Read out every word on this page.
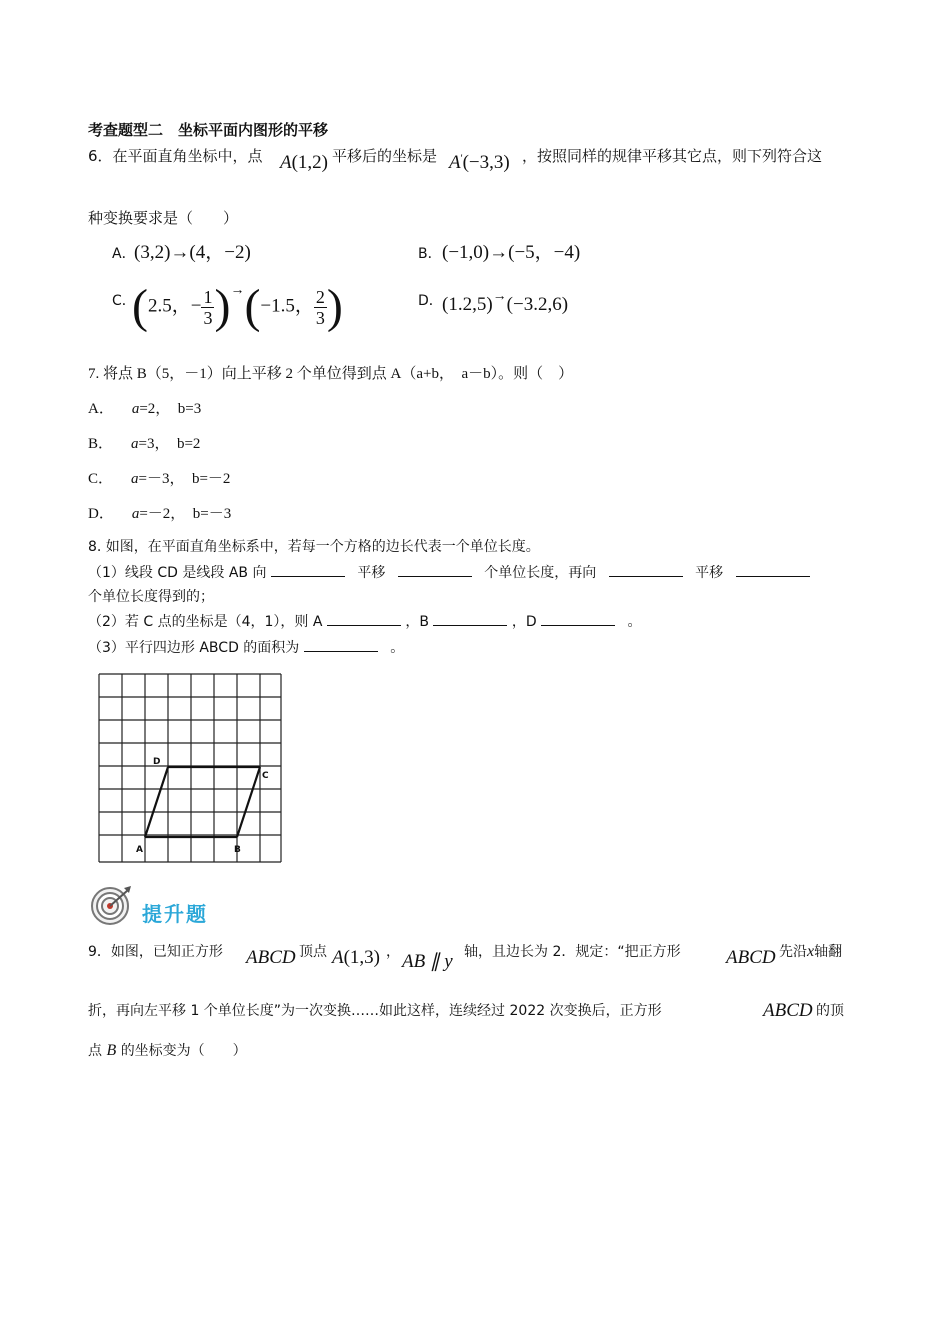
考查题型二　坐标平面内图形的平移
6．在平面直角坐标中，点 A(1,2) 平移后的坐标是 A'(−3,3) ，按照同样的规律平移其它点，则下列符合这
种变换要求是（　　）
A．
(3,2)→(4，−2)	B． (−1,0)→(−5，−4)
C．
(2.5，− $\frac{1}{3} )\to(-1.5$， $\frac{2}{3}$ )	D． (1.2,5)→(−3.2,6)
7. 将点 B（5，－1）向上平移 2 个单位得到点 A（a+b，　a－b）。则（　）
A． a=2，　b=3
B． a=3，　b=2
C． a=－3，　b=－2
D． a=－2，　b=－3
8. 如图，在平面直角坐标系中，若每一个方格的边长代表一个单位长度。
（1）线段 CD 是线段 AB 向	平移	个单位长度，再向	平移
个单位长度得到的；
（2）若 C 点的坐标是（4，1），则 A	，B	，D	。
（3）平行四边形 ABCD 的面积为	。
A	B
C
D
提升题
9．如图，已知正方形 ABCD 顶点 A(1,3) ， AB ∥ y 轴，且边长为 2．规定：“把正方形 ABCD 先沿x轴翻
折，再向左平移 1 个单位长度”为一次变换……如此这样，连续经过 2022 次变换后，正方形	ABCD 的顶
点 B 的坐标变为（　　）
